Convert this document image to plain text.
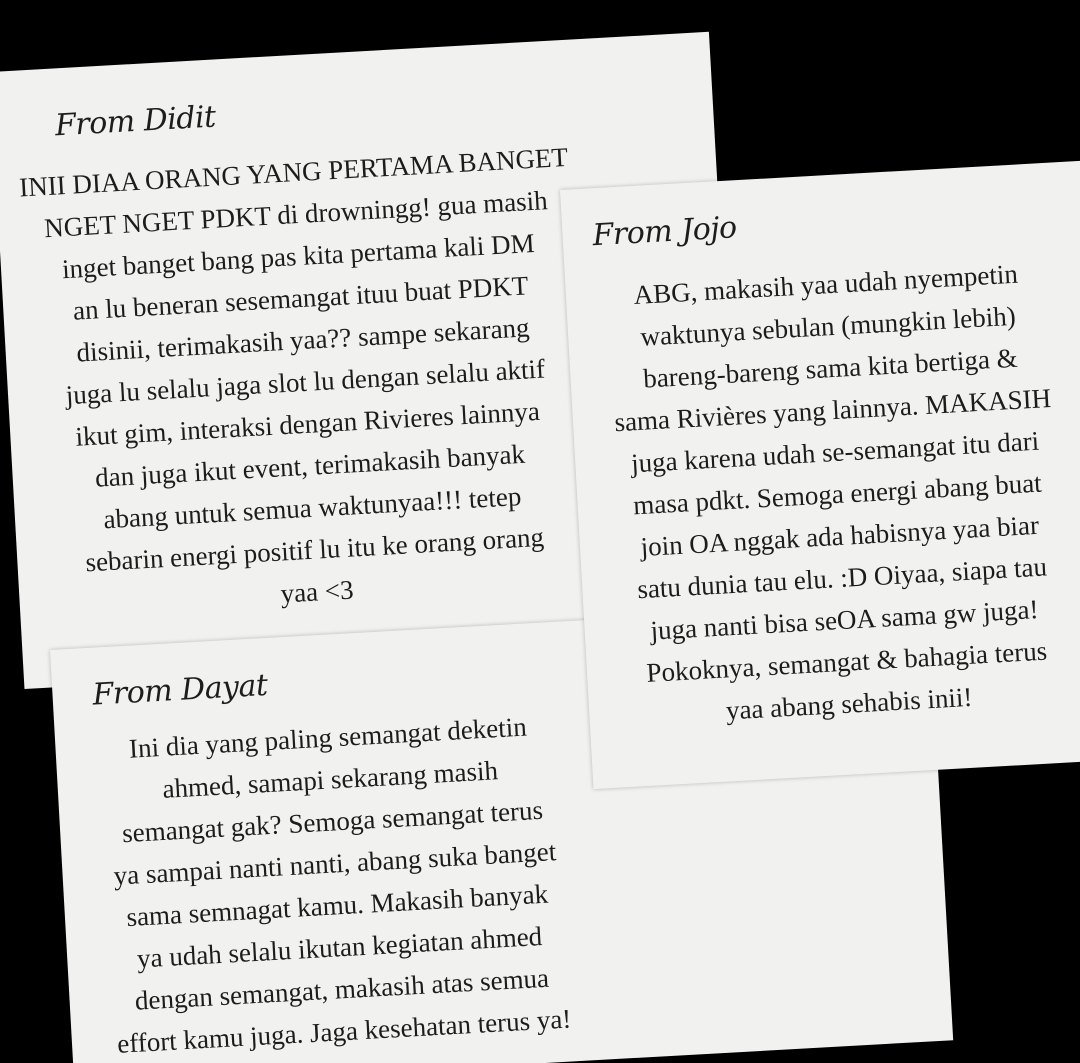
From Didit
INII DIAA ORANG YANG PERTAMA BANGET
NGET NGET PDKT di drowningg! gua masih
inget banget bang pas kita pertama kali DM
an lu beneran sesemangat ituu buat PDKT
disinii, terimakasih yaa?? sampe sekarang
juga lu selalu jaga slot lu dengan selalu aktif
ikut gim, interaksi dengan Rivieres lainnya
dan juga ikut event, terimakasih banyak
abang untuk semua waktunyaa!!! tetep
sebarin energi positif lu itu ke orang orang
yaa <3
From Dayat
Ini dia yang paling semangat deketin
ahmed, samapi sekarang masih
semangat gak? Semoga semangat terus
ya sampai nanti nanti, abang suka banget
sama semnagat kamu. Makasih banyak
ya udah selalu ikutan kegiatan ahmed
dengan semangat, makasih atas semua
effort kamu juga. Jaga kesehatan terus ya!
From Jojo
ABG, makasih yaa udah nyempetin
waktunya sebulan (mungkin lebih)
bareng-bareng sama kita bertiga &
sama Rivières yang lainnya. MAKASIH
juga karena udah se-semangat itu dari
masa pdkt. Semoga energi abang buat
join OA nggak ada habisnya yaa biar
satu dunia tau elu. :D Oiyaa, siapa tau
juga nanti bisa seOA sama gw juga!
Pokoknya, semangat & bahagia terus
yaa abang sehabis inii!
